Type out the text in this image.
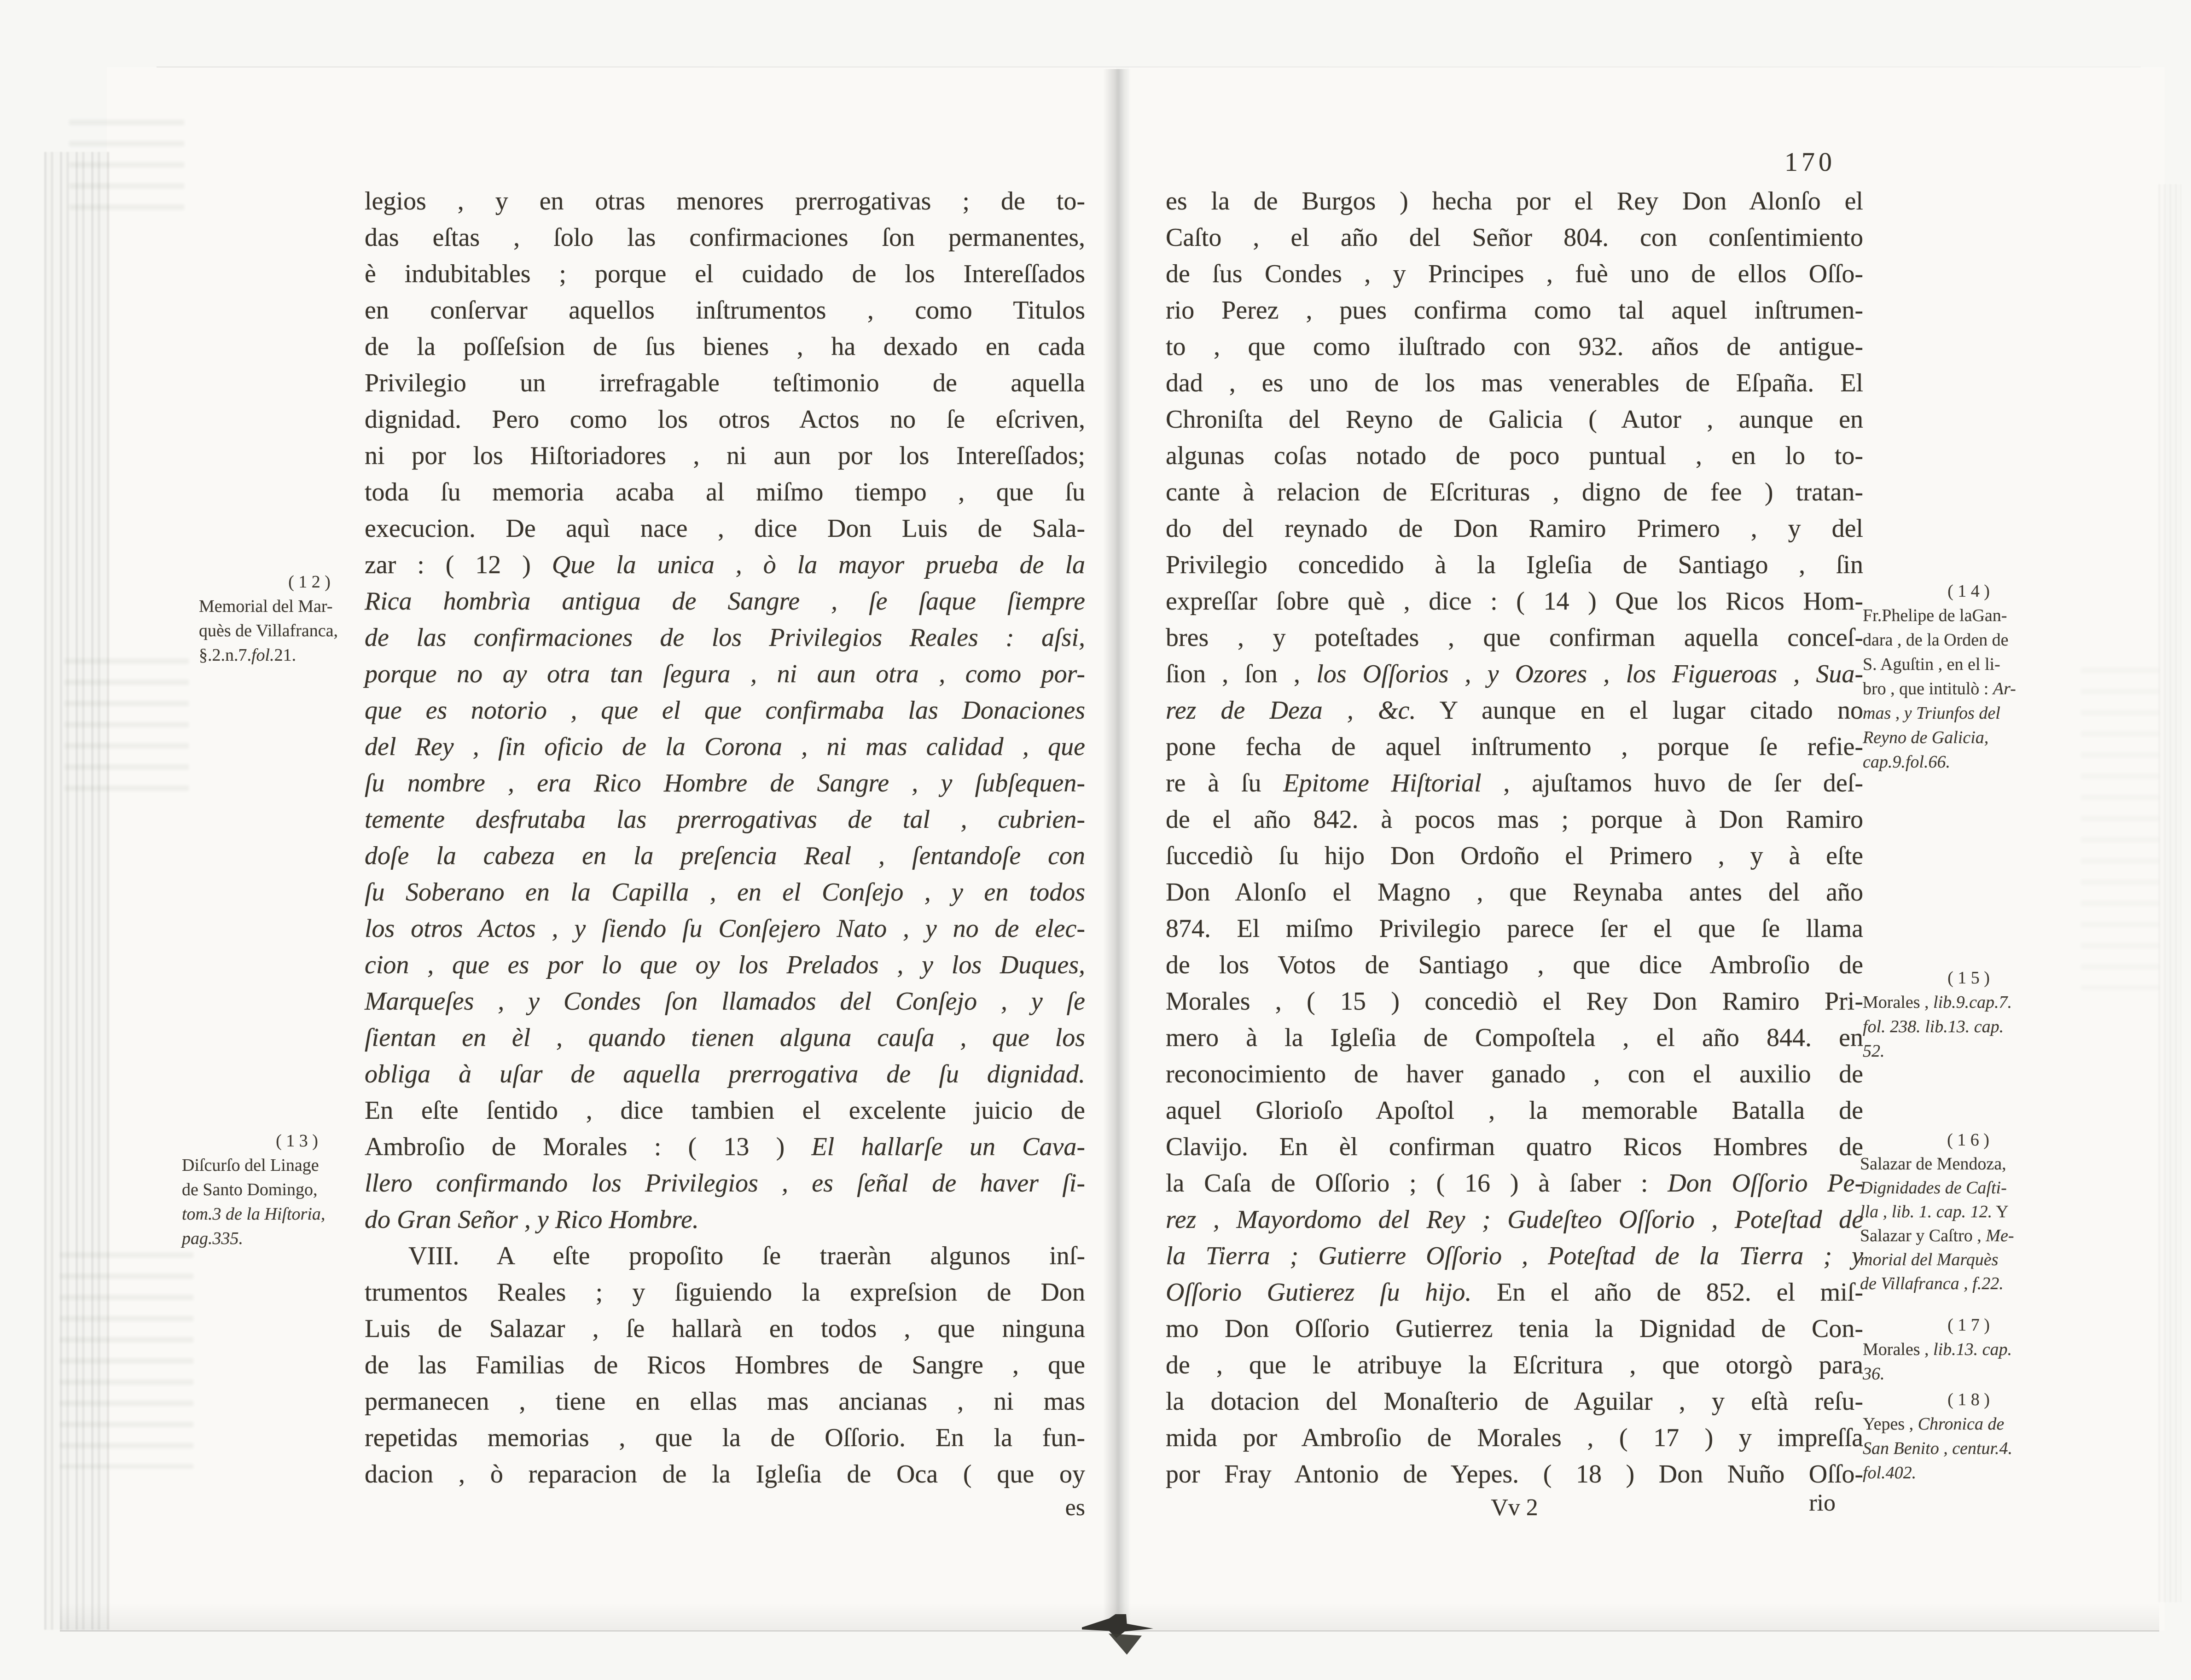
( 1 2 )
Memorial del Mar-
quès de Villafranca,
§.2.n.7.fol.21.
( 1 3 )
Diſcurſo del Linage
de Santo Domingo,
tom.3 de la Hiſtoria,
pag.335.
legios , y en otras menores prerrogativas ; de to-
das eſtas , ſolo las confirmaciones ſon permanentes,
è indubitables ; porque el cuidado de los Intereſſados
en conſervar aquellos inſtrumentos , como Titulos
de la poſſeſsion de ſus bienes , ha dexado en cada
Privilegio un irrefragable teſtimonio de aquella
dignidad. Pero como los otros Actos no ſe eſcriven,
ni por los Hiſtoriadores , ni aun por los Intereſſados;
toda ſu memoria acaba al miſmo tiempo , que ſu
execucion. De aquì nace , dice Don Luis de Sala-
zar : ( 12 ) Que la unica , ò la mayor prueba de la
Rica hombrìa antigua de Sangre , ſe ſaque ſiempre
de las confirmaciones de los Privilegios Reales : aſsi,
porque no ay otra tan ſegura , ni aun otra , como por-
que es notorio , que el que confirmaba las Donaciones
del Rey , ſin oficio de la Corona , ni mas calidad , que
ſu nombre , era Rico Hombre de Sangre , y ſubſequen-
temente desfrutaba las prerrogativas de tal , cubrien-
doſe la cabeza en la preſencia Real , ſentandoſe con
ſu Soberano en la Capilla , en el Conſejo , y en todos
los otros Actos , y ſiendo ſu Conſejero Nato , y no de elec-
cion , que es por lo que oy los Prelados , y los Duques,
Marqueſes , y Condes ſon llamados del Conſejo , y ſe
ſientan en èl , quando tienen alguna cauſa , que los
obliga à uſar de aquella prerrogativa de ſu dignidad.
En eſte ſentido , dice tambien el excelente juicio de
Ambroſio de Morales : ( 13 ) El hallarſe un Cava-
llero confirmando los Privilegios , es ſeñal de haver ſi-
do Gran Señor , y Rico Hombre.
VIII. A eſte propoſito ſe traeràn algunos inſ-
trumentos Reales ; y ſiguiendo la expreſsion de Don
Luis de Salazar , ſe hallarà en todos , que ninguna
de las Familias de Ricos Hombres de Sangre , que
permanecen , tiene en ellas mas ancianas , ni mas
repetidas memorias , que la de Oſſorio. En la fun-
dacion , ò reparacion de la Igleſia de Oca ( que oy
es
170
( 1 4 )
Fr.Phelipe de laGan-
dara , de la Orden de
S. Aguſtin , en el li-
bro , que intitulò : Ar-
mas , y Triunfos del
Reyno de Galicia,
cap.9.fol.66.
( 1 5 )
Morales , lib.9.cap.7.
fol. 238. lib.13. cap.
52.
( 1 6 )
Salazar de Mendoza,
Dignidades de Caſti-
lla , lib. 1. cap. 12. Y
Salazar y Caſtro , Me-
morial del Marquès
de Villafranca , f.22.
( 1 7 )
Morales , lib.13. cap.
36.
( 1 8 )
Yepes , Chronica de
San Benito , centur.4.
fol.402.
es la de Burgos ) hecha por el Rey Don Alonſo el
Caſto , el año del Señor 804. con conſentimiento
de ſus Condes , y Principes , fuè uno de ellos Oſſo-
rio Perez , pues confirma como tal aquel inſtrumen-
to , que como iluſtrado con 932. años de antigue-
dad , es uno de los mas venerables de Eſpaña. El
Chroniſta del Reyno de Galicia ( Autor , aunque en
algunas coſas notado de poco puntual , en lo to-
cante à relacion de Eſcrituras , digno de fee ) tratan-
do del reynado de Don Ramiro Primero , y del
Privilegio concedido à la Igleſia de Santiago , ſin
expreſſar ſobre què , dice : ( 14 ) Que los Ricos Hom-
bres , y poteſtades , que confirman aquella conceſ-
ſion , ſon , los Oſſorios , y Ozores , los Figueroas , Sua-
rez de Deza , &c. Y aunque en el lugar citado no
pone fecha de aquel inſtrumento , porque ſe refie-
re à ſu Epitome Hiſtorial , ajuſtamos huvo de ſer deſ-
de el año 842. à pocos mas ; porque à Don Ramiro
ſuccediò ſu hijo Don Ordoño el Primero , y à eſte
Don Alonſo el Magno , que Reynaba antes del año
874. El miſmo Privilegio parece ſer el que ſe llama
de los Votos de Santiago , que dice Ambroſio de
Morales , ( 15 ) concediò el Rey Don Ramiro Pri-
mero à la Igleſia de Compoſtela , el año 844. en
reconocimiento de haver ganado , con el auxilio de
aquel Glorioſo Apoſtol , la memorable Batalla de
Clavijo. En èl confirman quatro Ricos Hombres de
la Caſa de Oſſorio ; ( 16 ) à ſaber : Don Oſſorio Pe-
rez , Mayordomo del Rey ; Gudeſteo Oſſorio , Poteſtad de
la Tierra ; Gutierre Oſſorio , Poteſtad de la Tierra ; y
Oſſorio Gutierez ſu hijo. En el año de 852. el miſ-
mo Don Oſſorio Gutierrez tenia la Dignidad de Con-
de , que le atribuye la Eſcritura , que otorgò para
la dotacion del Monaſterio de Aguilar , y eſtà reſu-
mida por Ambroſio de Morales , ( 17 ) y impreſſa
por Fray Antonio de Yepes. ( 18 ) Don Nuño Oſſo-
Vv 2	rio
